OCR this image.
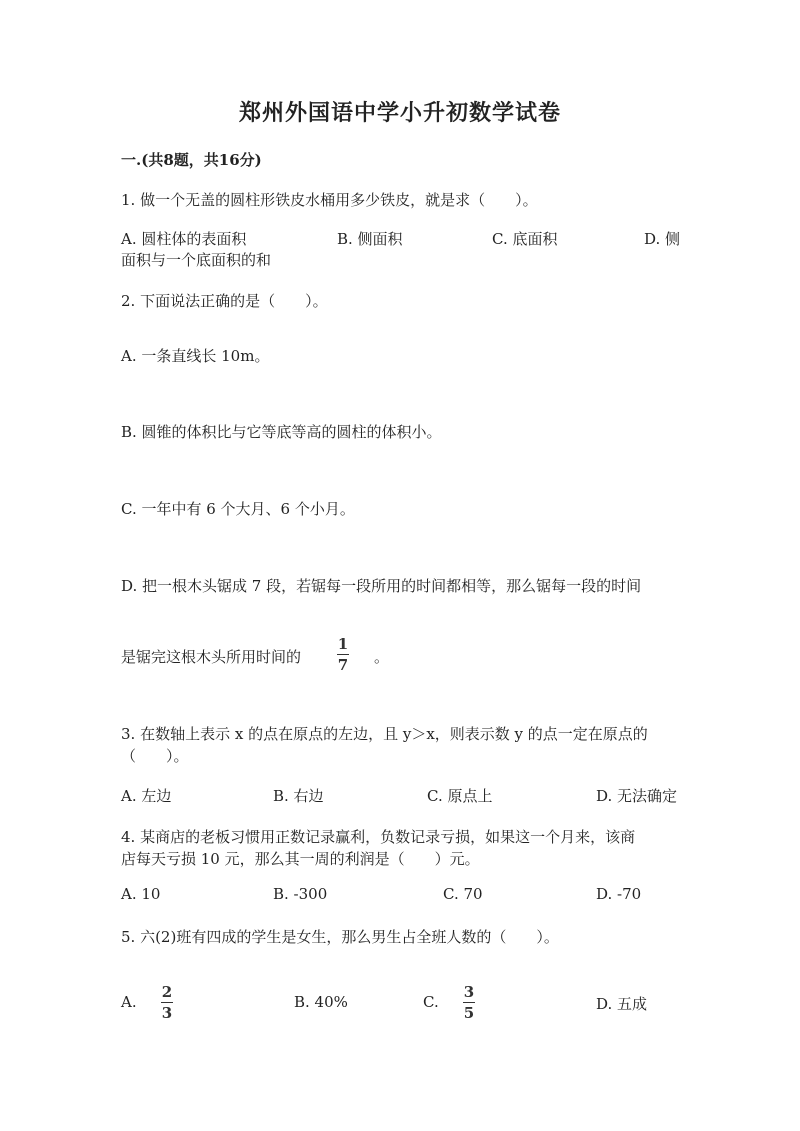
郑州外国语中学小升初数学试卷
一.(共8题，共16分)
1. 做一个无盖的圆柱形铁皮水桶用多少铁皮，就是求（　　）。
A. 圆柱体的表面积	B. 侧面积	C. 底面积	D. 侧
面积与一个底面积的和
2. 下面说法正确的是（　　）。
A. 一条直线长 10m。
B. 圆锥的体积比与它等底等高的圆柱的体积小。
C. 一年中有 6 个大月、6 个小月。
D. 把一根木头锯成 7 段，若锯每一段所用的时间都相等，那么锯每一段的时间
是锯完这根木头所用时间的
1
7 。
3. 在数轴上表示 x 的点在原点的左边，且 y＞x，则表示数 y 的点一定在原点的
（　　）。
A. 左边	B. 右边	C. 原点上	D. 无法确定
4. 某商店的老板习惯用正数记录赢利，负数记录亏损，如果这一个月来，该商
店每天亏损 10 元，那么其一周的利润是（　　）元。
A. 10	B. -300	C. 70	D. -70
5. 六(2)班有四成的学生是女生，那么男生占全班人数的（　　）。
A.
2
3
B. 40%	C.
3
5	D. 五成
